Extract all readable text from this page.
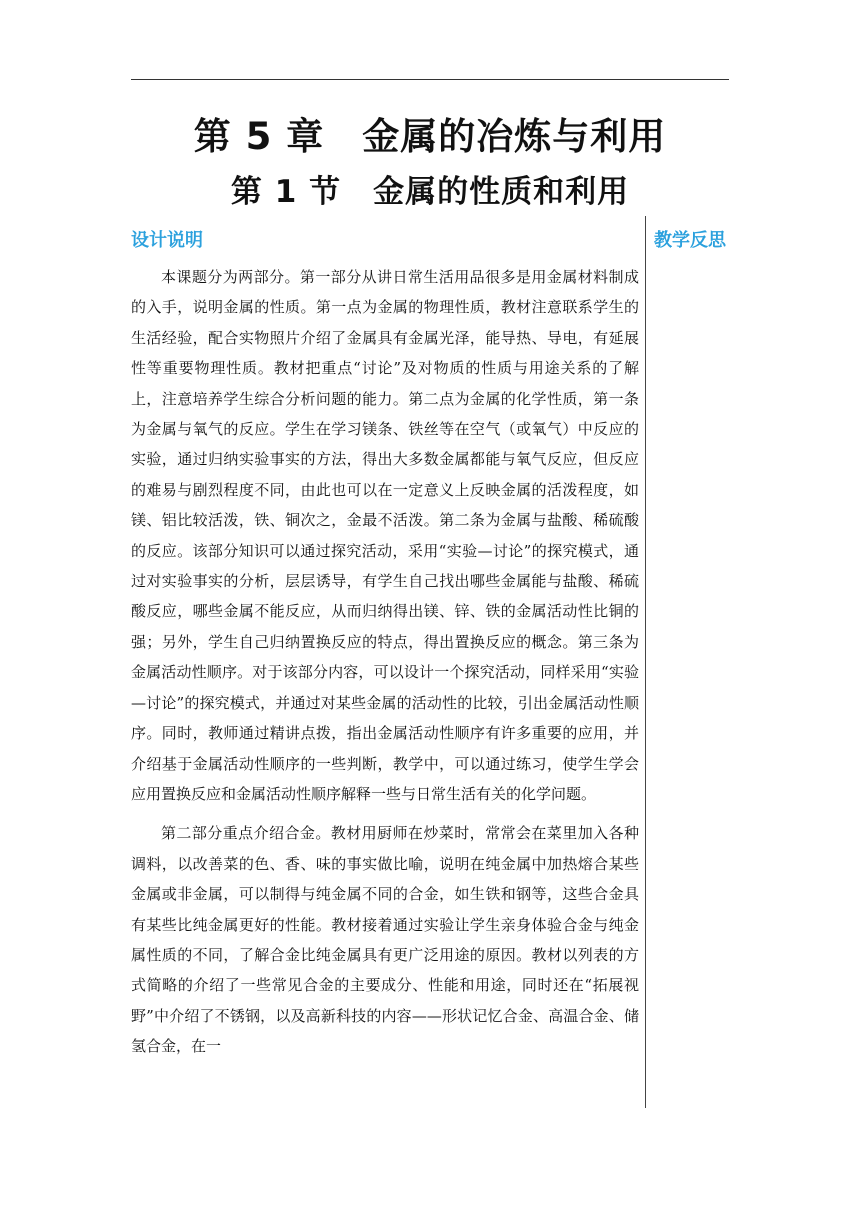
第 5 章　金属的冶炼与利用
第 1 节　金属的性质和利用
设计说明	教学反思

本课题分为两部分。第一部分从讲日常生活用品很多是用金属材料制成的入手，说明金属的性质。第一点为金属的物理性质，教材注意联系学生的生活经验，配合实物照片介绍了金属具有金属光泽，能导热、导电，有延展性等重要物理性质。教材把重点“讨论”及对物质的性质与用途关系的了解上，注意培养学生综合分析问题的能力。第二点为金属的化学性质，第一条为金属与氧气的反应。学生在学习镁条、铁丝等在空气（或氧气）中反应的实验，通过归纳实验事实的方法，得出大多数金属都能与氧气反应，但反应的难易与剧烈程度不同，由此也可以在一定意义上反映金属的活泼程度，如镁、铝比较活泼，铁、铜次之，金最不活泼。第二条为金属与盐酸、稀硫酸的反应。该部分知识可以通过探究活动，采用“实验—讨论”的探究模式，通过对实验事实的分析，层层诱导，有学生自己找出哪些金属能与盐酸、稀硫酸反应，哪些金属不能反应，从而归纳得出镁、锌、铁的金属活动性比铜的强；另外，学生自己归纳置换反应的特点，得出置换反应的概念。第三条为金属活动性顺序。对于该部分内容，可以设计一个探究活动，同样采用“实验—讨论”的探究模式，并通过对某些金属的活动性的比较，引出金属活动性顺序。同时，教师通过精讲点拨，指出金属活动性顺序有许多重要的应用，并介绍基于金属活动性顺序的一些判断，教学中，可以通过练习，使学生学会应用置换反应和金属活动性顺序解释一些与日常生活有关的化学问题。

第二部分重点介绍合金。教材用厨师在炒菜时，常常会在菜里加入各种调料，以改善菜的色、香、味的事实做比喻，说明在纯金属中加热熔合某些金属或非金属，可以制得与纯金属不同的合金，如生铁和钢等，这些合金具有某些比纯金属更好的性能。教材接着通过实验让学生亲身体验合金与纯金属性质的不同，了解合金比纯金属具有更广泛用途的原因。教材以列表的方式简略的介绍了一些常见合金的主要成分、性能和用途，同时还在“拓展视野”中介绍了不锈钢，以及高新科技的内容——形状记忆合金、高温合金、储氢合金，在一
